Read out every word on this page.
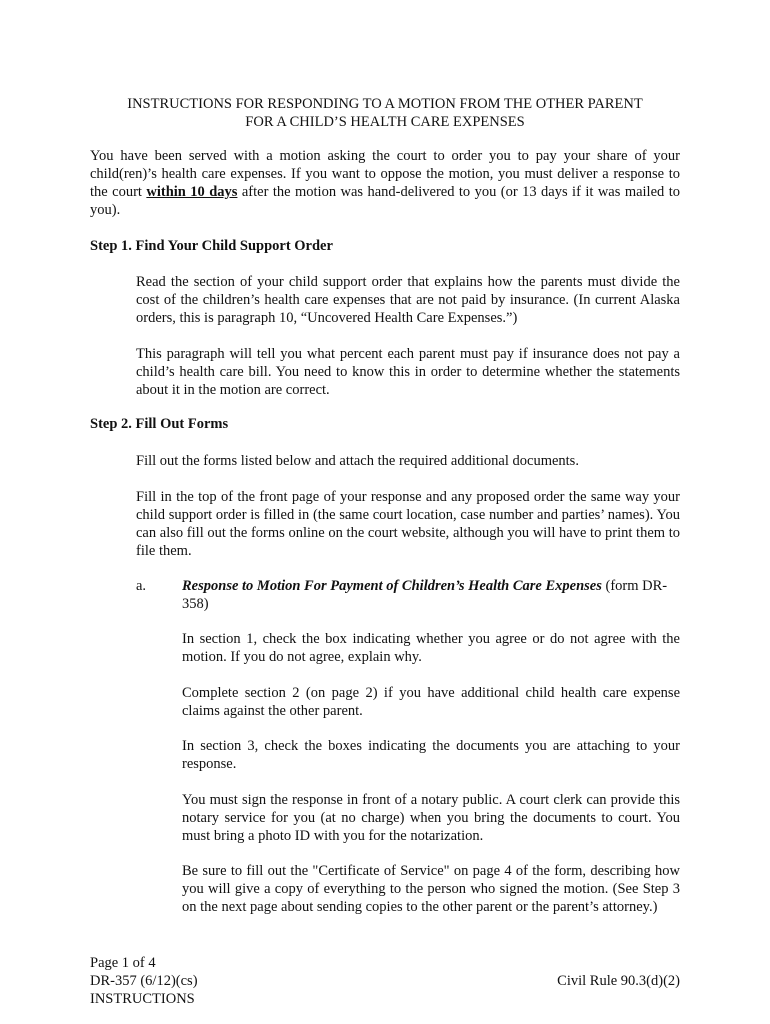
INSTRUCTIONS FOR RESPONDING TO A MOTION FROM THE OTHER PARENT
FOR A CHILD’S HEALTH CARE EXPENSES
You have been served with a motion asking the court to order you to pay your share of your child(ren)’s health care expenses. If you want to oppose the motion, you must deliver a response to the court within 10 days after the motion was hand-delivered to you (or 13 days if it was mailed to you).
Step 1. Find Your Child Support Order
Read the section of your child support order that explains how the parents must divide the cost of the children’s health care expenses that are not paid by insurance. (In current Alaska orders, this is paragraph 10, “Uncovered Health Care Expenses.”)
This paragraph will tell you what percent each parent must pay if insurance does not pay a child’s health care bill. You need to know this in order to determine whether the statements about it in the motion are correct.
Step 2. Fill Out Forms
Fill out the forms listed below and attach the required additional documents.
Fill in the top of the front page of your response and any proposed order the same way your child support order is filled in (the same court location, case number and parties’ names). You can also fill out the forms online on the court website, although you will have to print them to file them.
a. Response to Motion For Payment of Children’s Health Care Expenses (form DR-358)
In section 1, check the box indicating whether you agree or do not agree with the motion. If you do not agree, explain why.
Complete section 2 (on page 2) if you have additional child health care expense claims against the other parent.
In section 3, check the boxes indicating the documents you are attaching to your response.
You must sign the response in front of a notary public. A court clerk can provide this notary service for you (at no charge) when you bring the documents to court. You must bring a photo ID with you for the notarization.
Be sure to fill out the "Certificate of Service" on page 4 of the form, describing how you will give a copy of everything to the person who signed the motion. (See Step 3 on the next page about sending copies to the other parent or the parent’s attorney.)
Page 1 of 4
DR-357 (6/12)(cs)
INSTRUCTIONS
Civil Rule 90.3(d)(2)
